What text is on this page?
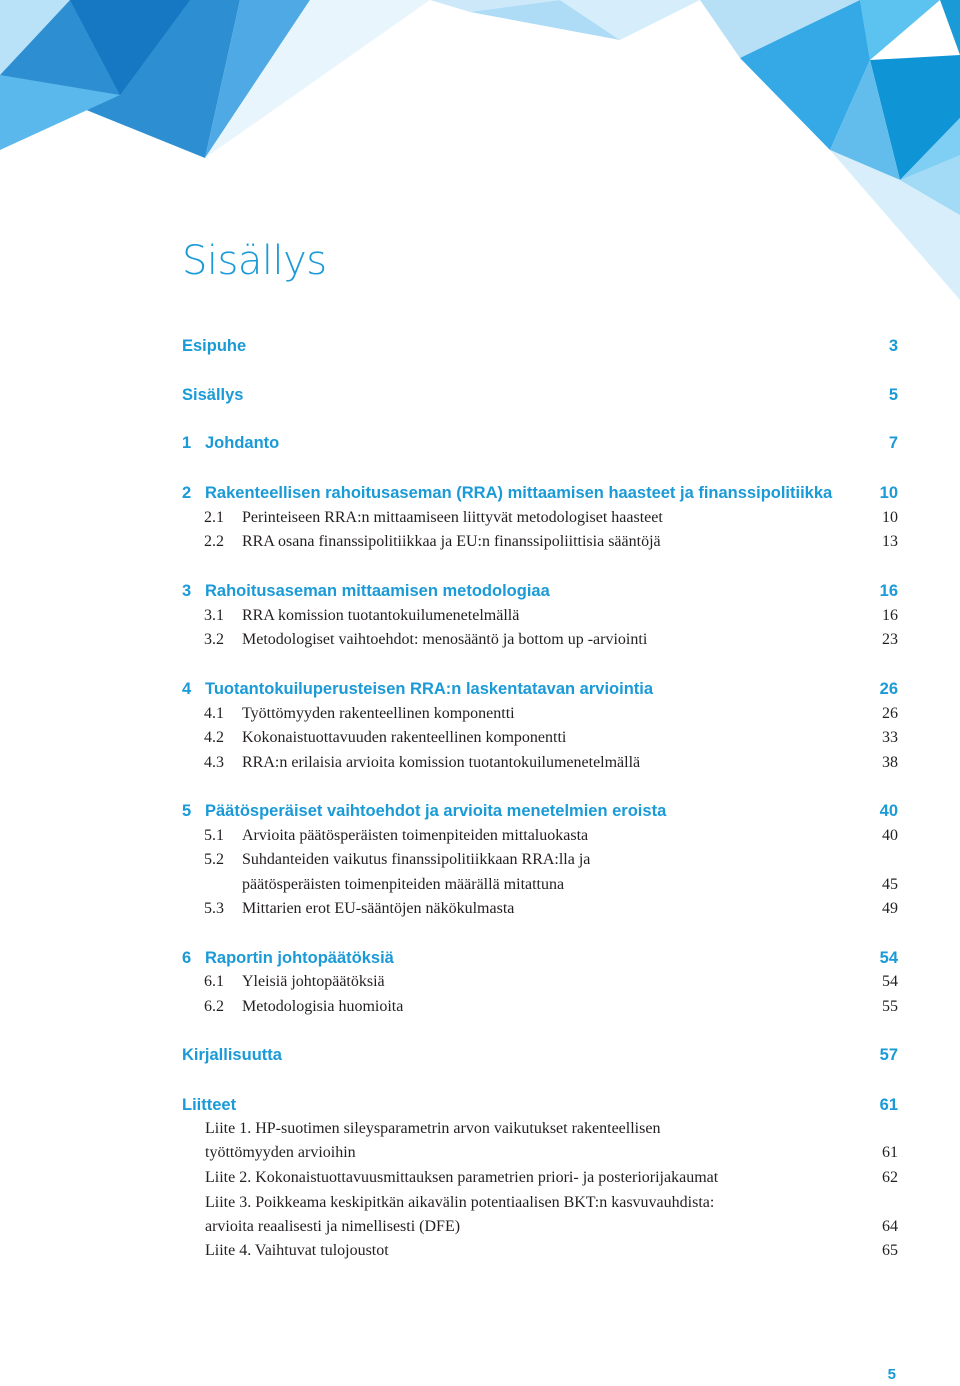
Sisällys
Esipuhe	3
Sisällys	5
1 Johdanto	7
2 Rakenteellisen rahoitusaseman (RRA) mittaamisen haasteet ja finanssipolitiikka	10
2.1 Perinteiseen RRA:n mittaamiseen liittyvät metodologiset haasteet	10
2.2 RRA osana finanssipolitiikkaa ja EU:n finanssipoliittisia sääntöjä	13
3 Rahoitusaseman mittaamisen metodologiaa	16
3.1 RRA komission tuotantokuilumenetelmällä	16
3.2 Metodologiset vaihtoehdot: menosääntö ja bottom up -arviointi	23
4 Tuotantokuiluperusteisen RRA:n laskentatavan arviointia	26
4.1 Työttömyyden rakenteellinen komponentti	26
4.2 Kokonaistuottavuuden rakenteellinen komponentti	33
4.3 RRA:n erilaisia arvioita komission tuotantokuilumenetelmällä	38
5 Päätösperäiset vaihtoehdot ja arvioita menetelmien eroista	40
5.1 Arvioita päätösperäisten toimenpiteiden mittaluokasta	40
5.2 Suhdanteiden vaikutus finanssipolitiikkaan RRA:lla ja
päätösperäisten toimenpiteiden määrällä mitattuna	45
5.3 Mittarien erot EU-sääntöjen näkökulmasta	49
6 Raportin johtopäätöksiä	54
6.1 Yleisiä johtopäätöksiä	54
6.2 Metodologisia huomioita	55
Kirjallisuutta	57
Liitteet	61
Liite 1. HP-suotimen sileysparametrin arvon vaikutukset rakenteellisen
työttömyyden arvioihin	61
Liite 2. Kokonaistuottavuusmittauksen parametrien priori- ja posteriorijakaumat	62
Liite 3. Poikkeama keskipitkän aikavälin potentiaalisen BKT:n kasvuvauhdista:
arvioita reaalisesti ja nimellisesti (DFE)	64
Liite 4. Vaihtuvat tulojoustot	65
5
